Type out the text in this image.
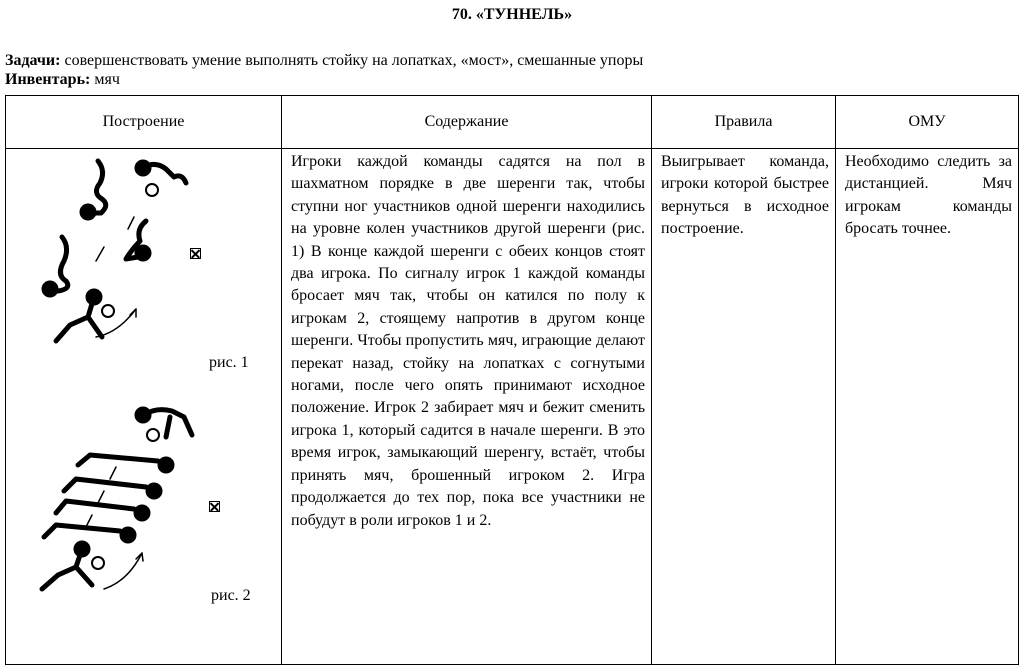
70. «ТУННЕЛЬ»
Задачи: совершенствовать умение выполнять стойку на лопатках, «мост», смешанные упоры
Инвентарь: мяч
Построение	Содержание	Правила	ОМУ

рис. 1
рис. 2	Игроки каждой команды садятся на пол в шахматном порядке в две шеренги так, чтобы ступни ног участников одной шеренги находились на уровне колен участников другой шеренги (рис. 1) В конце каждой шеренги с обеих концов стоят два игрока. По сигналу игрок 1 каждой команды бросает мяч так, чтобы он катился по полу к игрокам 2, стоящему напротив в другом конце шеренги. Чтобы пропустить мяч, играющие делают перекат назад, стойку на лопатках с согнутыми ногами, после чего опять принимают исходное положение. Игрок 2 забирает мяч и бежит сменить игрока 1, который садится в начале шеренги. В это время игрок, замыкающий шеренгу, встаёт, чтобы принять мяч, брошенный игроком 2. Игра продолжается до тех пор, пока все участники не побудут в роли игроков 1 и 2.	Выигрывает команда, игроки которой быстрее вернуться в исходное построение.	Необходимо следить за дистанцией. Мяч игрокам команды бросать точнее.
